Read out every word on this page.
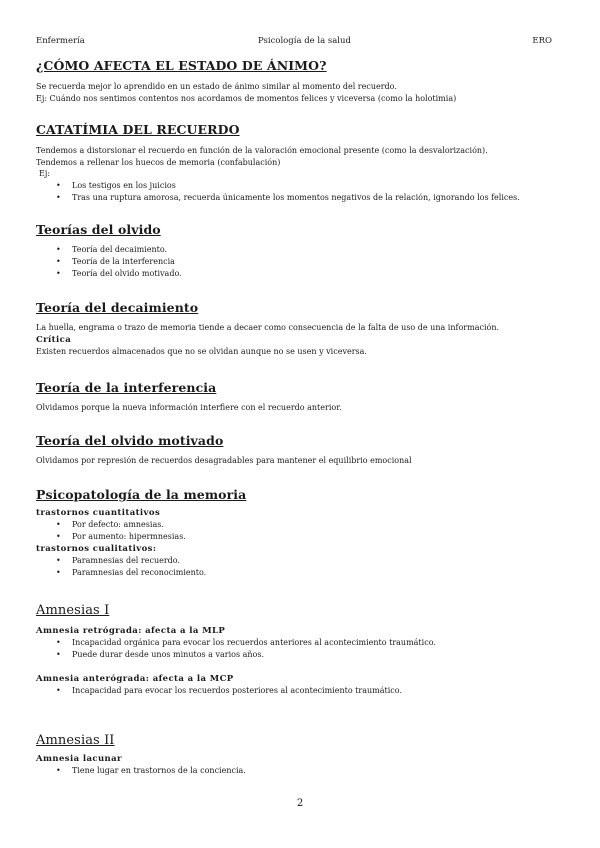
Enfermería	Psicología de la salud	ERO
¿CÓMO AFECTA EL ESTADO DE ÁNIMO?

Se recuerda mejor lo aprendido en un estado de ánimo similar al momento del recuerdo.

Ej: Cuándo nos sentimos contentos nos acordamos de momentos felices y viceversa (como la holotimia)

CATATÍMIA DEL RECUERDO

Tendemos a distorsionar el recuerdo en función de la valoración emocional presente (como la desvalorización).

Tendemos a rellenar los huecos de memoria (confabulación)

Ej:

• Los testigos en los juicios
• Tras una ruptura amorosa, recuerda únicamente los momentos negativos de la relación, ignorando los felices.
Teorías del olvido
• Teoría del decaimiento.
• Teoría de la interferencia
• Teoría del olvido motivado.
Teoría del decaimiento

La huella, engrama o trazo de memoria tiende a decaer como consecuencia de la falta de uso de una información.

Crítica

Existen recuerdos almacenados que no se olvidan aunque no se usen y viceversa.

Teoría de la interferencia

Olvidamos porque la nueva información interfiere con el recuerdo anterior.

Teoría del olvido motivado

Olvidamos por represión de recuerdos desagradables para mantener el equilibrio emocional

Psicopatología de la memoria

trastornos cuantitativos

• Por defecto: amnesias.
• Por aumento: hipermnesias.

trastornos cualitativos:

• Paramnesias del recuerdo.
• Paramnesias del reconocimiento.
Amnesias I

Amnesia retrógrada: afecta a la MLP

• Incapacidad orgánica para evocar los recuerdos anteriores al acontecimiento traumático.
• Puede durar desde unos minutos a varios años.

Amnesia anterógrada: afecta a la MCP

• Incapacidad para evocar los recuerdos posteriores al acontecimiento traumático.
Amnesias II

Amnesia lacunar

• Tiene lugar en trastornos de la conciencia.
2
